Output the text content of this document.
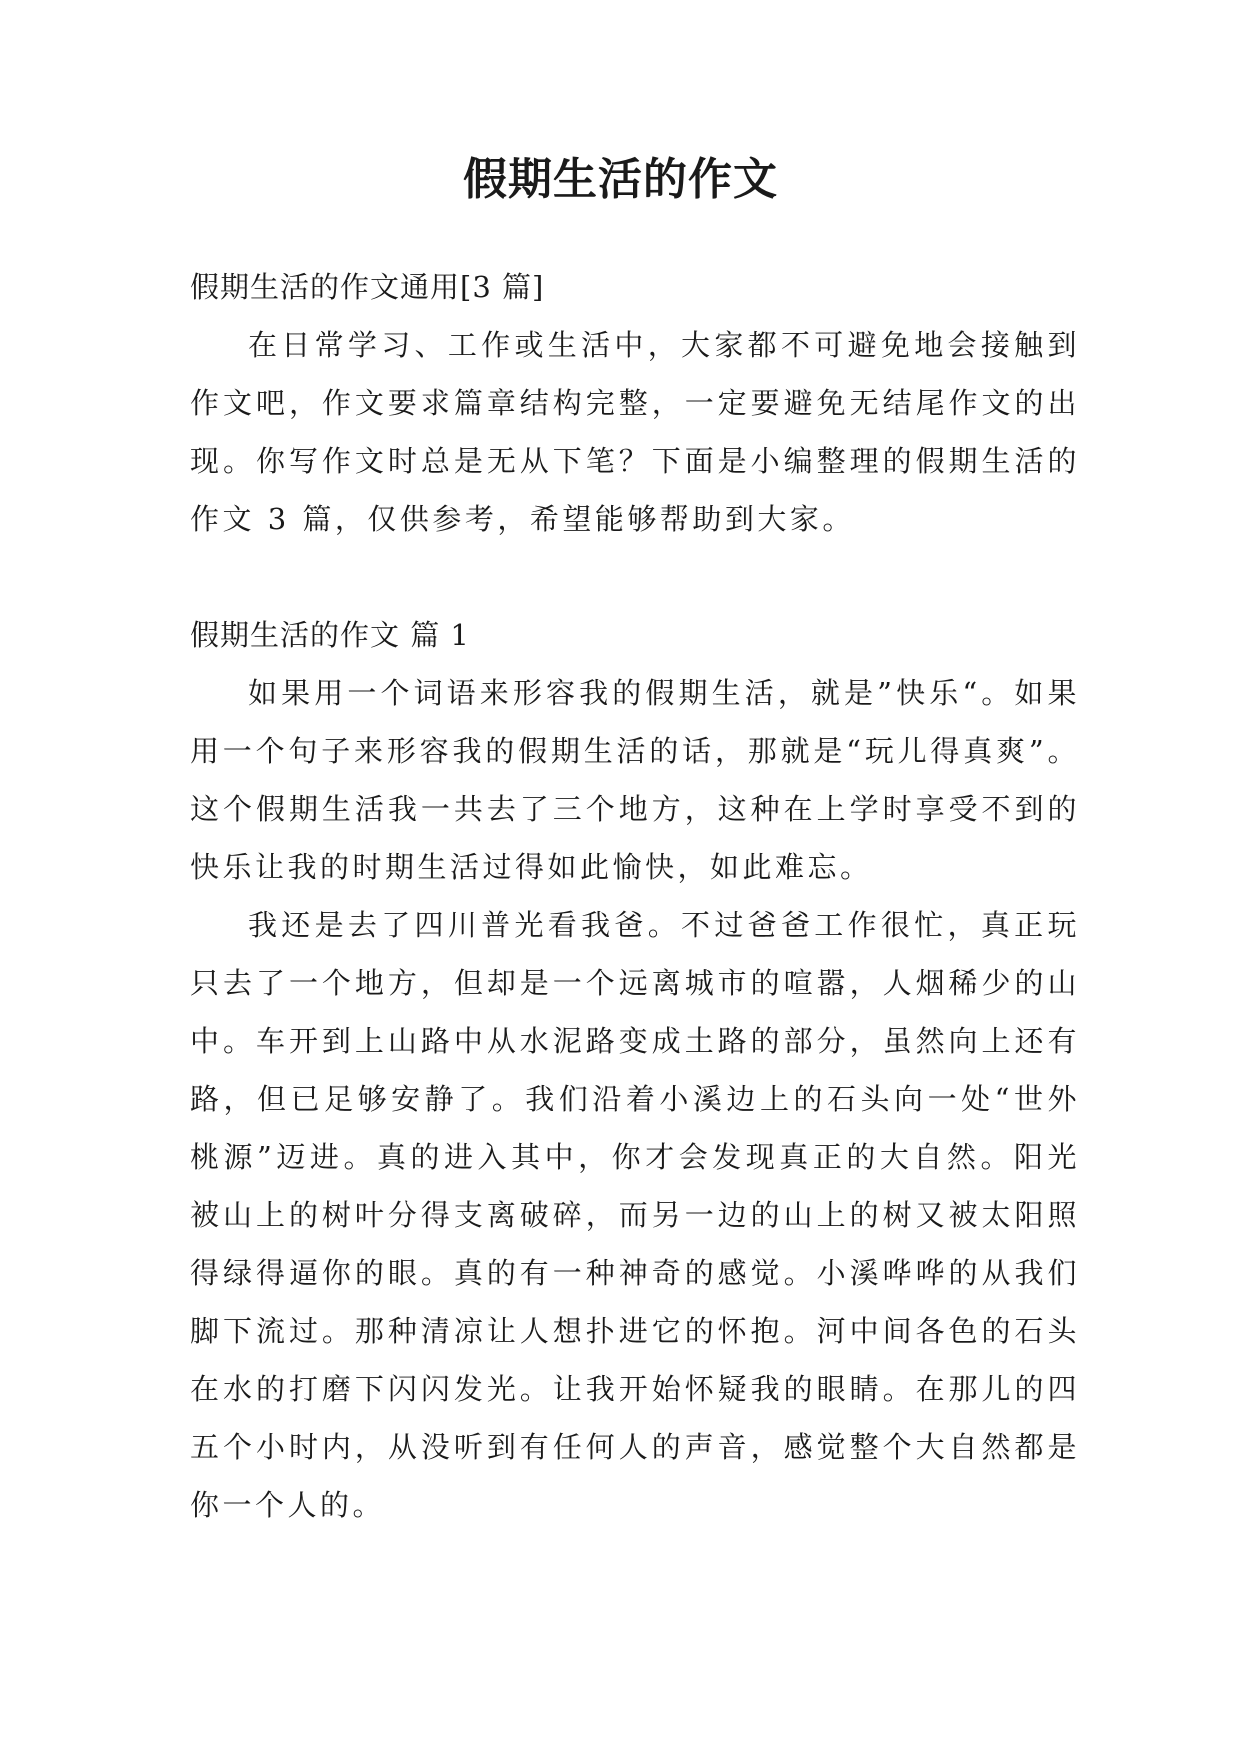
假期生活的作文

假期生活的作文通用[3 篇]

在日常学习、工作或生活中，大家都不可避免地会接触到作文吧，作文要求篇章结构完整，一定要避免无结尾作文的出现。你写作文时总是无从下笔？下面是小编整理的假期生活的作文 3 篇，仅供参考，希望能够帮助到大家。

假期生活的作文 篇 1

如果用一个词语来形容我的假期生活，就是”快乐“。如果用一个句子来形容我的假期生活的话，那就是“玩儿得真爽”。这个假期生活我一共去了三个地方，这种在上学时享受不到的快乐让我的时期生活过得如此愉快，如此难忘。

我还是去了四川普光看我爸。不过爸爸工作很忙，真正玩只去了一个地方，但却是一个远离城市的喧嚣，人烟稀少的山中。车开到上山路中从水泥路变成土路的部分，虽然向上还有路，但已足够安静了。我们沿着小溪边上的石头向一处“世外桃源”迈进。真的进入其中，你才会发现真正的大自然。阳光被山上的树叶分得支离破碎，而另一边的山上的树又被太阳照得绿得逼你的眼。真的有一种神奇的感觉。小溪哗哗的从我们脚下流过。那种清凉让人想扑进它的怀抱。河中间各色的石头在水的打磨下闪闪发光。让我开始怀疑我的眼睛。在那儿的四五个小时内，从没听到有任何人的声音，感觉整个大自然都是你一个人的。
